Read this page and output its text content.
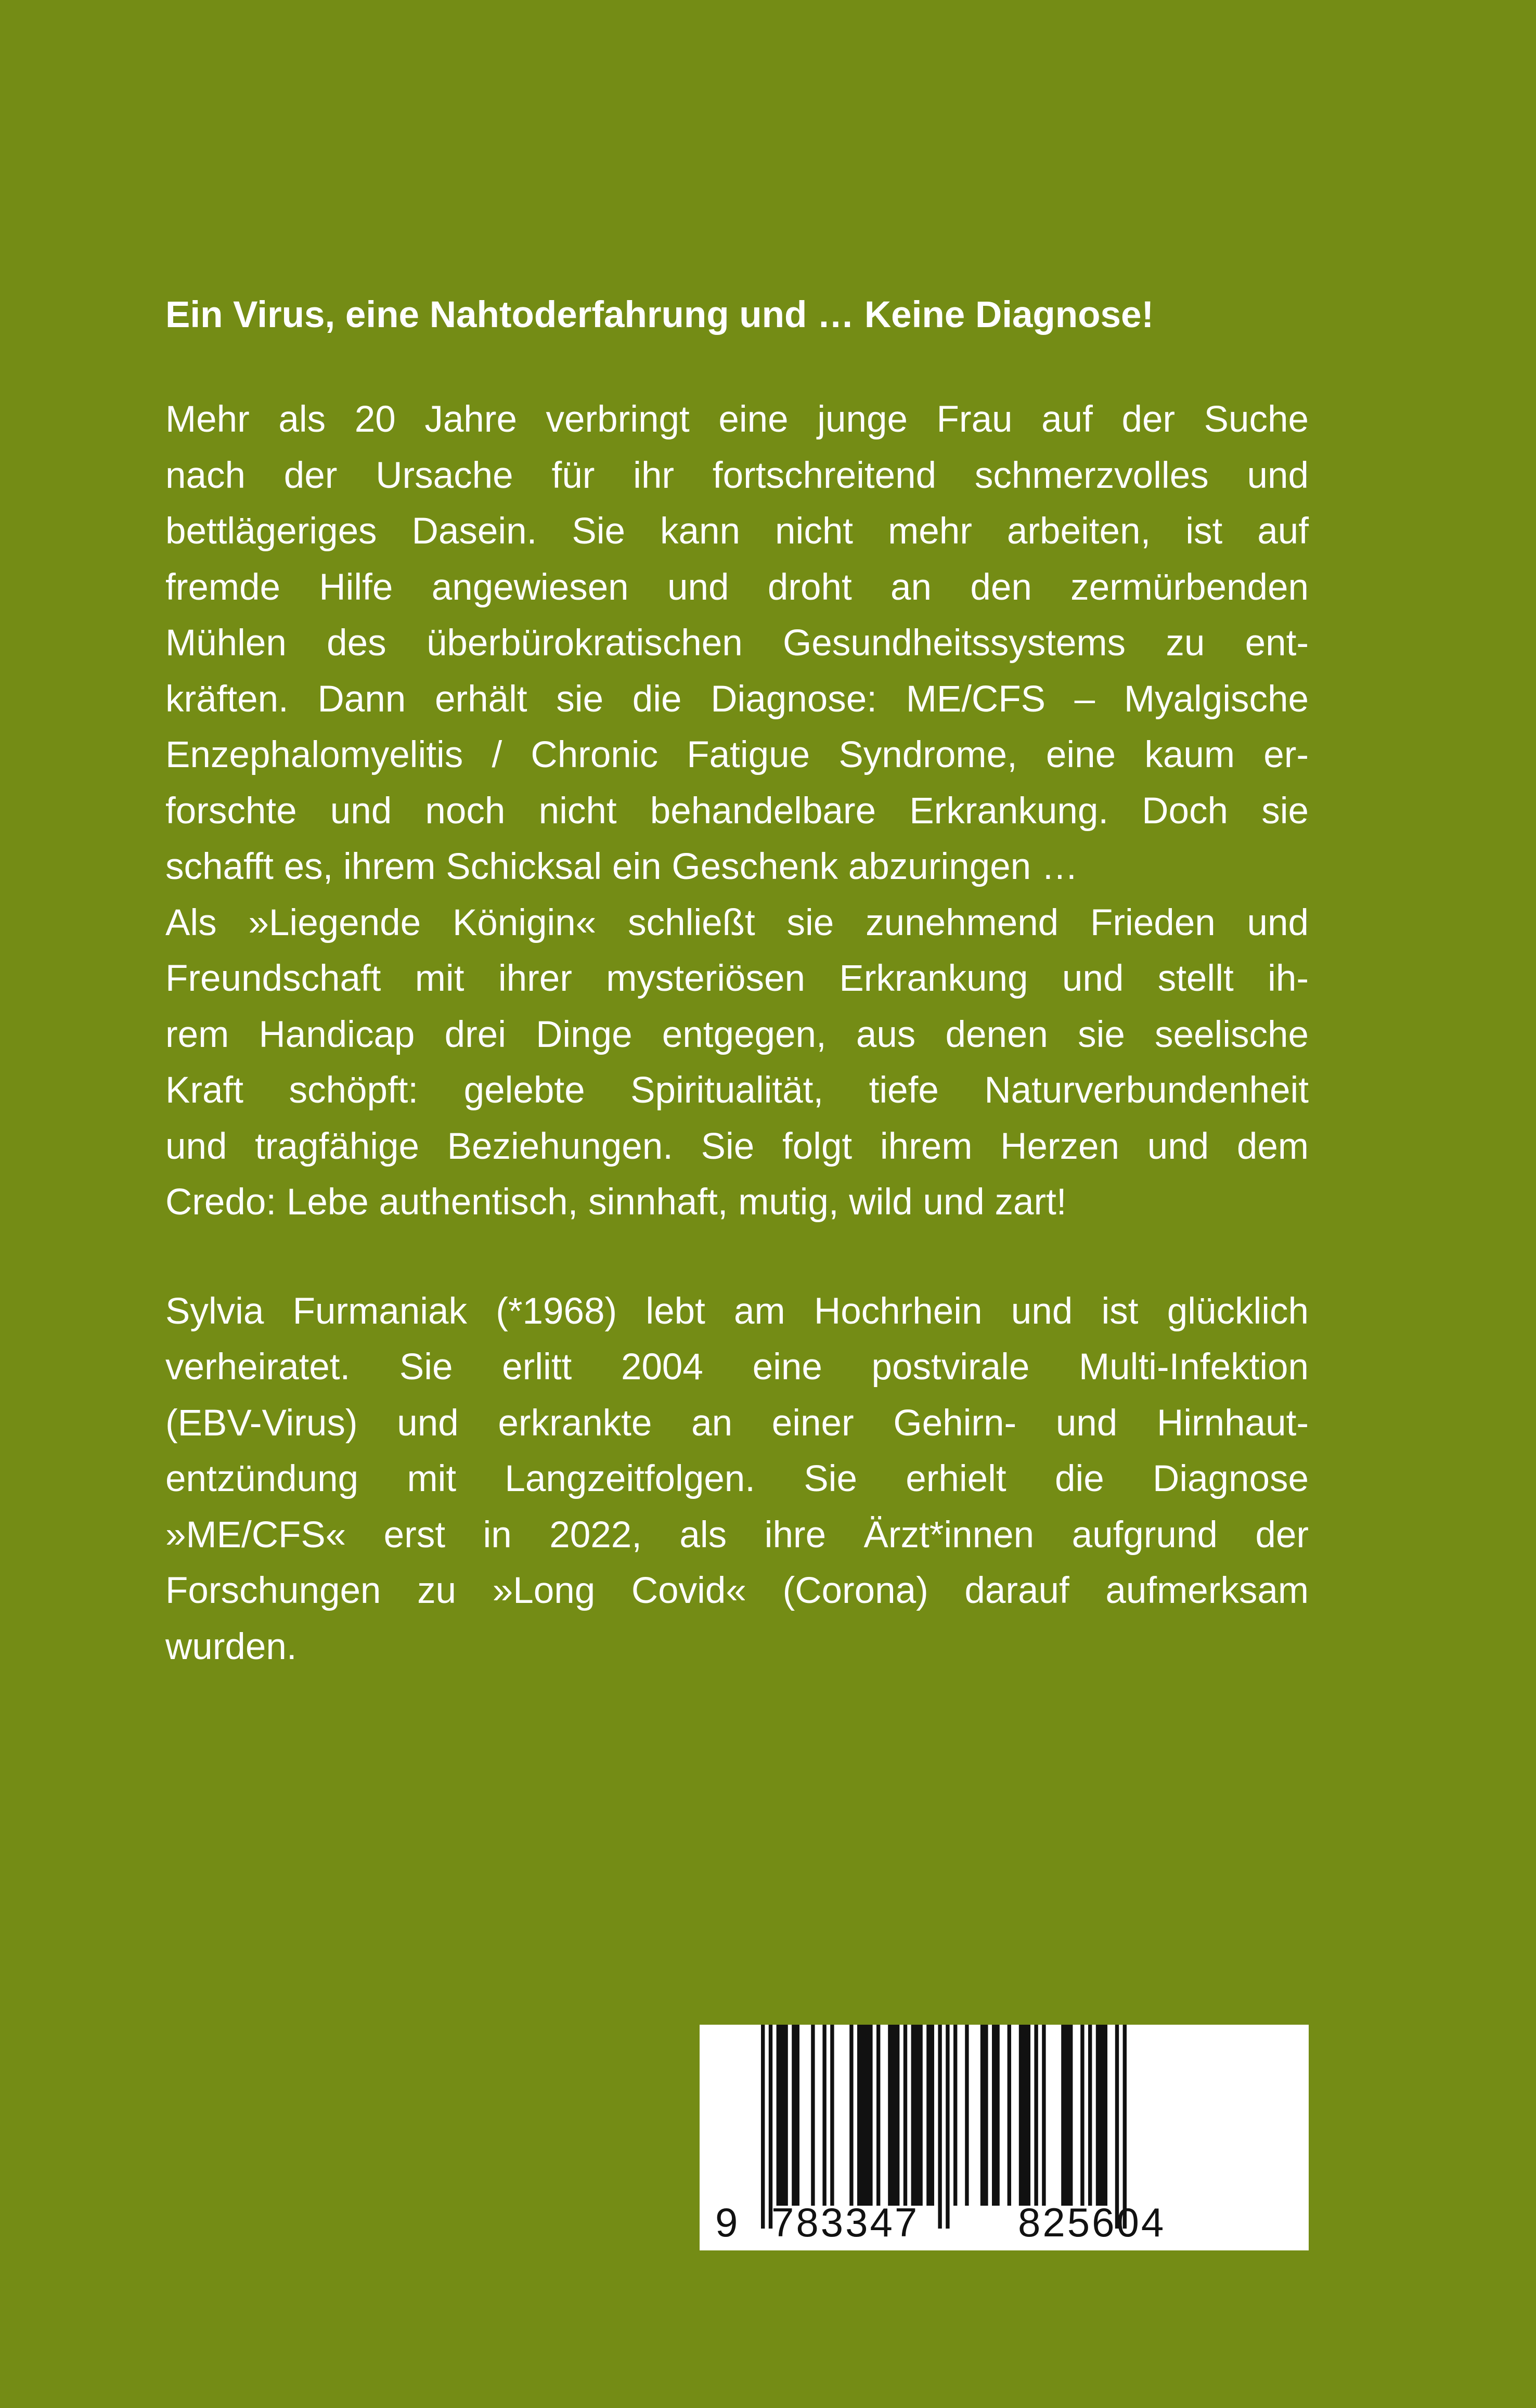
Ein Virus, eine Nahtoderfahrung und … Keine Diagnose!

Mehr als 20 Jahre verbringt eine junge Frau auf der Suche
nach der Ursache für ihr fortschreitend schmerzvolles und
bettlägeriges Dasein. Sie kann nicht mehr arbeiten, ist auf
fremde Hilfe angewiesen und droht an den zermürbenden
Mühlen des überbürokratischen Gesundheitssystems zu ent-
kräften. Dann erhält sie die Diagnose: ME/CFS – Myalgische
Enzephalomyelitis / Chronic Fatigue Syndrome, eine kaum er-
forschte und noch nicht behandelbare Erkrankung. Doch sie
schafft es, ihrem Schicksal ein Geschenk abzuringen …
Als »Liegende Königin« schließt sie zunehmend Frieden und
Freundschaft mit ihrer mysteriösen Erkrankung und stellt ih-
rem Handicap drei Dinge entgegen, aus denen sie seelische
Kraft schöpft: gelebte Spiritualität, tiefe Naturverbundenheit
und tragfähige Beziehungen. Sie folgt ihrem Herzen und dem
Credo: Lebe authentisch, sinnhaft, mutig, wild und zart!

Sylvia Furmaniak (*1968) lebt am Hochrhein und ist glücklich
verheiratet. Sie erlitt 2004 eine postvirale Multi-Infektion
(EBV-Virus) und erkrankte an einer Gehirn- und Hirnhaut-
entzündung mit Langzeitfolgen. Sie erhielt die Diagnose
»ME/CFS« erst in 2022, als ihre Ärzt*innen aufgrund der
Forschungen zu »Long Covid« (Corona) darauf aufmerksam
wurden.

9 783347 825604
